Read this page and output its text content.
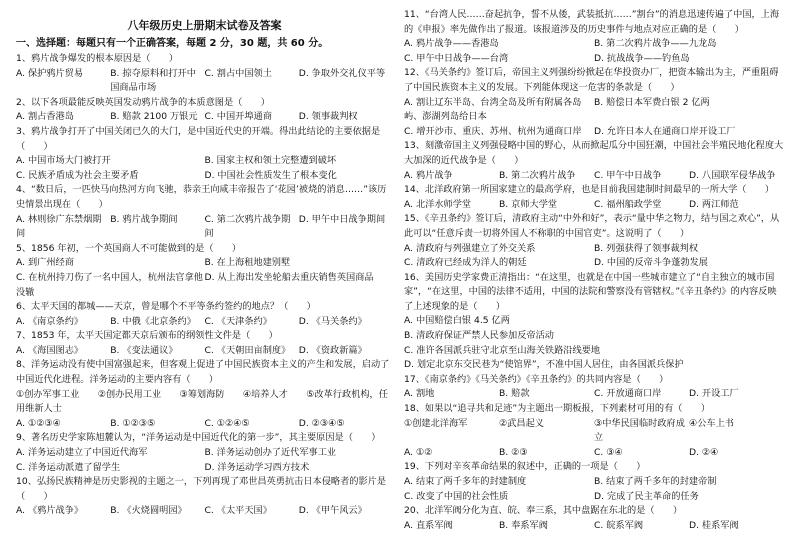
八年级历史上册期末试卷及答案
一、选择题：每题只有一个正确答案，每题 2 分，30 题，共 60 分。
1、鸦片战争爆发的根本原因是（　　）
A. 保护鸦片贸易	B. 掠夺原料和打开中国商品市场
C. 割占中国领土	D. 争取外交礼仪平等
2、以下各项最能反映英国发动鸦片战争的本质意图是（　　）
A. 割占香港岛	B. 赔款 2100 万银元 C. 中国开埠通商	D. 领事裁判权
3、鸦片战争打开了中国关闭已久的大门，是中国近代史的开端。得出此结论的主要依据是（　　）
A. 中国市场大门被打开	B. 国家主权和领土完整遭到破坏
C. 民族矛盾成为社会主要矛盾	D. 中国社会性质发生了根本变化
4、“数日后，一匹快马向热河方向飞驰，恭亲王向咸丰帝报告了‘花园’被烧的消息……”该历史情景出现在（　　）
A. 林则徐广东禁烟期间
B. 鸦片战争期间	C. 第二次鸦片战争期间
D. 甲午中日战争期间
5、1856 年初，一个英国商人不可能做到的是（　　）
A. 到广州经商	B. 在上海租地建别墅
C. 在杭州持刀伤了一名中国人，杭州法官拿他没辙
D. 从上海出发坐轮船去重庆销售英国商品
6、太平天国的都城——天京，曾是哪个不平等条约签约的地点？（　　）
A. 《南京条约》	B. 中俄《北京条约》 C. 《天津条约》	D. 《马关条约》
7、1853 年，太平天国定都天京后颁布的纲领性文件是（　　）
A. 《海国图志》	B. 《变法通议》	C. 《天朝田亩制度》 D. 《资政新篇》
8、洋务运动没有使中国富强起来，但客观上促进了中国民族资本主义的产生和发展，启动了中国近代化进程。洋务运动的主要内容有（　　）
①创办军事工业　　②创办民用工业　　③筹划海防　　④培养人才　　⑤改革行政机构，任用维新人士
A. ①②③④	B. ①②③⑤	C. ①②④⑤	D. ②③④⑤
9、著名历史学家陈旭麓认为，“洋务运动是中国近代化的第一步”，其主要原因是（　　）
A. 洋务运动建立了中国近代海军	B. 洋务运动创办了近代军事工业
C. 洋务运动派遣了留学生	D. 洋务运动学习西方技术
10、弘扬民族精神是历史影视的主题之一，下列再现了邓世昌英勇抗击日本侵略者的影片是（　　）
A. 《鸦片战争》	B. 《火烧圆明园》	C. 《太平天国》	D. 《甲午风云》
11、“台湾人民……奋起抗争，誓不从倭，武装抵抗……”割台”的消息迅速传遍了中国，上海的《申报》率先做作出了报道。该报道涉及的历史事件与地点对应正确的是（　　）
A. 鸦片战争——香港岛	B. 第二次鸦片战争——九龙岛
C. 甲午中日战争——台湾	D. 抗战战争——钓鱼岛
12、《马关条约》签订后，帝国主义列强纷纷掀起在华投资办厂，把资本输出为主，严重阻碍了中国民族资本主义的发展。下列能体现这一危害的条款是（　　）
A. 割让辽东半岛、台湾全岛及所有附属各岛屿、澎湖列岛给日本
B. 赔偿日本军费白银 2 亿两
C. 增开沙市、重庆、苏州、杭州为通商口岸	D. 允许日本人在通商口岸开设工厂
13、刻激帝国主义列强侵略中国的野心，从而掀起瓜分中国狂潮，中国社会半殖民地化程度大大加深的近代战争是（　　）
A. 鸦片战争	B. 第二次鸦片战争	C. 甲午中日战争	D. 八国联军侵华战争
14、北洋政府第一所国家建立的最高学府，也是目前我国建制时间最早的一所大学（　　）
A. 北洋水师学堂	B. 京师大学堂	C. 福州船政学堂	D. 两江师范
15、《辛丑条约》签订后，清政府主动“中外和好”，表示“量中华之物力，结与国之欢心”，从此可以“任意斥责一切将外国人不称职的中国官吏”。这说明了（　　）
A. 清政府与列强建立了外交关系	B. 列强获得了领事裁判权
C. 清政府已经成为洋人的朝廷	D. 中国的反帝斗争蓬勃发展
16、美国历史学家费正清指出：“在这里，也就是在中国一些城市建立了“自主独立的城市国家”，“在这里，中国的法律不适用，中国的法院和警察没有管辖权。”《辛丑条约》的内容反映了上述现象的是（　　）
A. 中国赔偿白银 4.5 亿两
B. 清政府保证严禁人民参加反帝活动
C. 准许各国派兵驻守北京至山海关铁路沿线要地
D. 划定北京东交民巷为“使馆界”，不准中国人居住，由各国派兵保护
17、《南京条约》《马关条约》《辛丑条约》的共同内容是（　　）
A. 割地	B. 赔款	C. 开放通商口岸	D. 开设工厂
18、如果以“追寻共和足迹”为主题出一期板报，下列素材可用的有（　　）
①创建北洋海军	②武昌起义	③中华民国临时政府成立
④公车上书
A. ①②	B. ②③	C. ③④	D. ②④
19、下列对辛亥革命结果的叙述中，正确的一项是（　　）
A. 结束了两千多年的封建制度	B. 结束了两千多年的封建帝制
C. 改变了中国的社会性质	D. 完成了民主革命的任务
20、北洋军阀分化为直、皖、奉三系，其中盘踞在东北的是（　　）
A. 直系军阀	B. 奉系军阀	C. 皖系军阀	D. 桂系军阀
